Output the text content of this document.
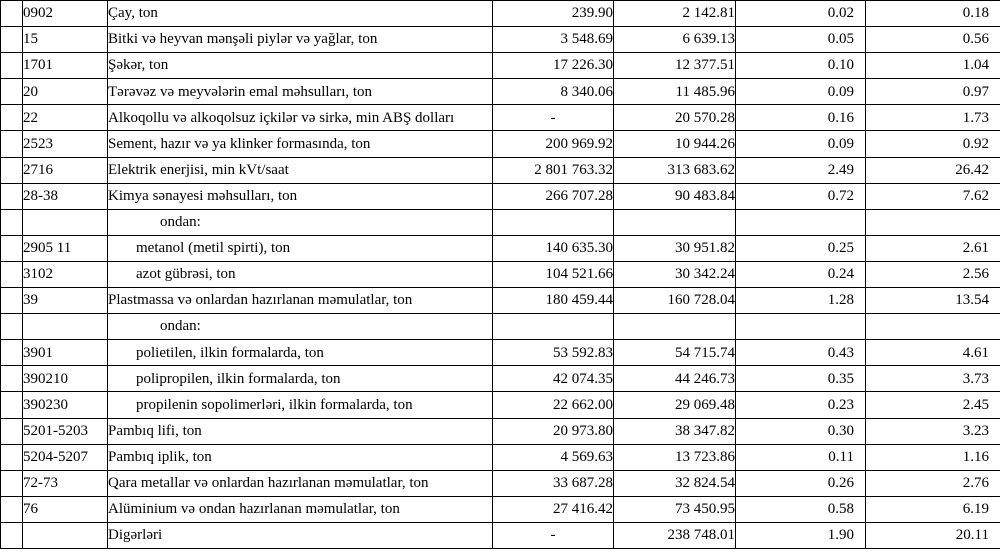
	0902	Çay, ton	239.90	2 142.81	0.02	0.18
	15	Bitki və heyvan mənşəli piylər və yağlar, ton	3 548.69	6 639.13	0.05	0.56
	1701	Şəkər, ton	17 226.30	12 377.51	0.10	1.04
	20	Tərəvəz və meyvələrin emal məhsulları, ton	8 340.06	11 485.96	0.09	0.97
	22	Alkoqollu və alkoqolsuz içkilər və sirkə, min ABŞ dolları	-	20 570.28	0.16	1.73
	2523	Sement, hazır və ya klinker formasında, ton	200 969.92	10 944.26	0.09	0.92
	2716	Elektrik enerjisi, min kVt/saat	2 801 763.32	313 683.62	2.49	26.42
	28-38	Kimya sənayesi məhsulları, ton	266 707.28	90 483.84	0.72	7.62
		ondan:				
	2905 11	metanol (metil spirti), ton	140 635.30	30 951.82	0.25	2.61
	3102	azot gübrəsi, ton	104 521.66	30 342.24	0.24	2.56
	39	Plastmassa və onlardan hazırlanan məmulatlar, ton	180 459.44	160 728.04	1.28	13.54
		ondan:				
	3901	polietilen, ilkin formalarda, ton	53 592.83	54 715.74	0.43	4.61
	390210	polipropilen, ilkin formalarda, ton	42 074.35	44 246.73	0.35	3.73
	390230	propilenin sopolimerləri, ilkin formalarda, ton	22 662.00	29 069.48	0.23	2.45
	5201-5203	Pambıq lifi, ton	20 973.80	38 347.82	0.30	3.23
	5204-5207	Pambıq iplik, ton	4 569.63	13 723.86	0.11	1.16
	72-73	Qara metallar və onlardan hazırlanan məmulatlar, ton	33 687.28	32 824.54	0.26	2.76
	76	Alüminium və ondan hazırlanan məmulatlar, ton	27 416.42	73 450.95	0.58	6.19
		Digərləri	-	238 748.01	1.90	20.11
